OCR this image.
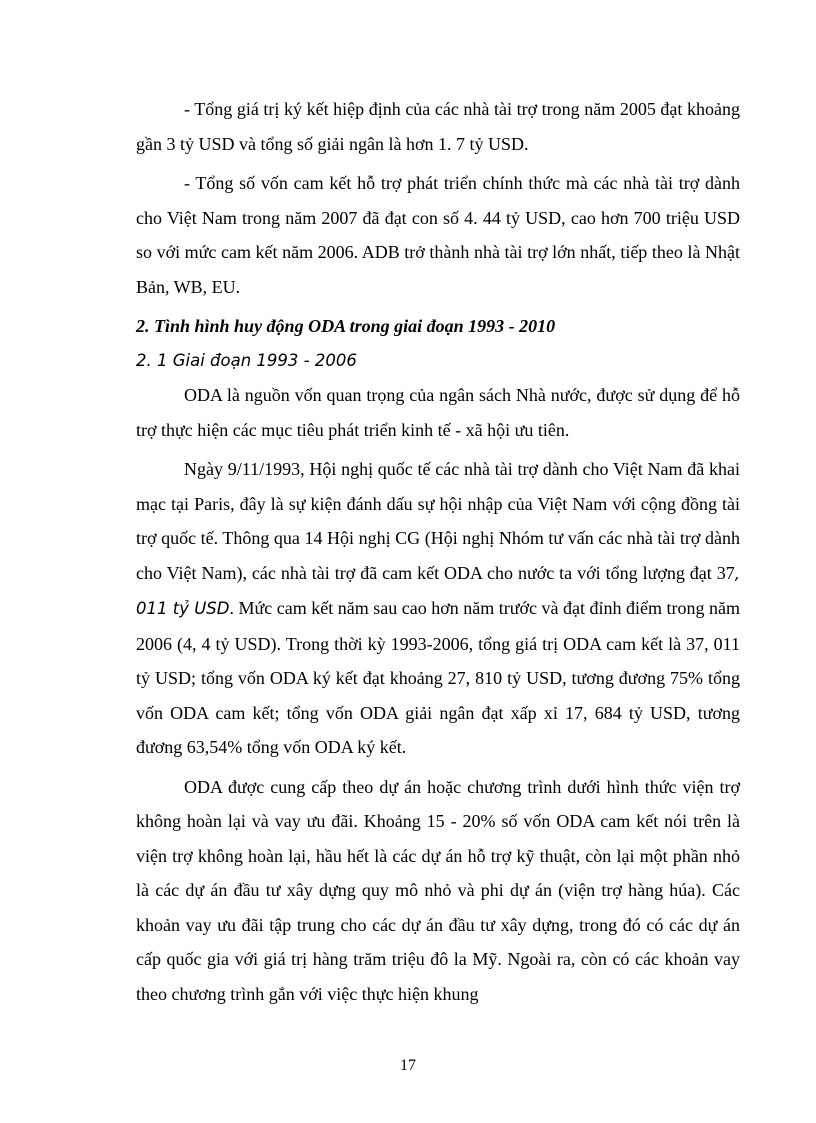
- Tổng giá trị ký kết hiệp định của các nhà tài trợ trong năm 2005 đạt khoảng gần 3 tỷ USD và tổng số giải ngân là hơn 1. 7 tỷ USD.

- Tổng số vốn cam kết hỗ trợ phát triển chính thức mà các nhà tài trợ dành cho Việt Nam trong năm 2007 đã đạt con số 4. 44 tỷ USD, cao hơn 700 triệu USD so với mức cam kết năm 2006. ADB trở thành nhà tài trợ lớn nhất, tiếp theo là Nhật Bản, WB, EU.

2. Tình hình huy động ODA trong giai đoạn 1993 - 2010

2. 1 Giai đoạn 1993 - 2006

ODA là nguồn vốn quan trọng của ngân sách Nhà nước, được sử dụng để hỗ trợ thực hiện các mục tiêu phát triển kinh tế - xã hội ưu tiên.

Ngày 9/11/1993, Hội nghị quốc tế các nhà tài trợ dành cho Việt Nam đã khai mạc tại Paris, đây là sự kiện đánh dấu sự hội nhập của Việt Nam với cộng đồng tài trợ quốc tế. Thông qua 14 Hội nghị CG (Hội nghị Nhóm tư vấn các nhà tài trợ dành cho Việt Nam), các nhà tài trợ đã cam kết ODA cho nước ta với tổng lượng đạt 37, 011 tỷ USD. Mức cam kết năm sau cao hơn năm trước và đạt đỉnh điểm trong năm 2006 (4, 4 tỷ USD). Trong thời kỳ 1993-2006, tổng giá trị ODA cam kết là 37, 011 tỷ USD; tổng vốn ODA ký kết đạt khoảng 27, 810 tỷ USD, tương đương 75% tổng vốn ODA cam kết; tổng vốn ODA giải ngân đạt xấp xỉ 17, 684 tỷ USD, tương đương 63,54% tổng vốn ODA ký kết.

ODA được cung cấp theo dự án hoặc chương trình dưới hình thức viện trợ không hoàn lại và vay ưu đãi. Khoảng 15 - 20% số vốn ODA cam kết nói trên là viện trợ không hoàn lại, hầu hết là các dự án hỗ trợ kỹ thuật, còn lại một phần nhỏ là các dự án đầu tư xây dựng quy mô nhỏ và phi dự án (viện trợ hàng húa). Các khoản vay ưu đãi tập trung cho các dự án đầu tư xây dựng, trong đó có các dự án cấp quốc gia với giá trị hàng trăm triệu đô la Mỹ. Ngoài ra, còn có các khoản vay theo chương trình gắn với việc thực hiện khung

17
